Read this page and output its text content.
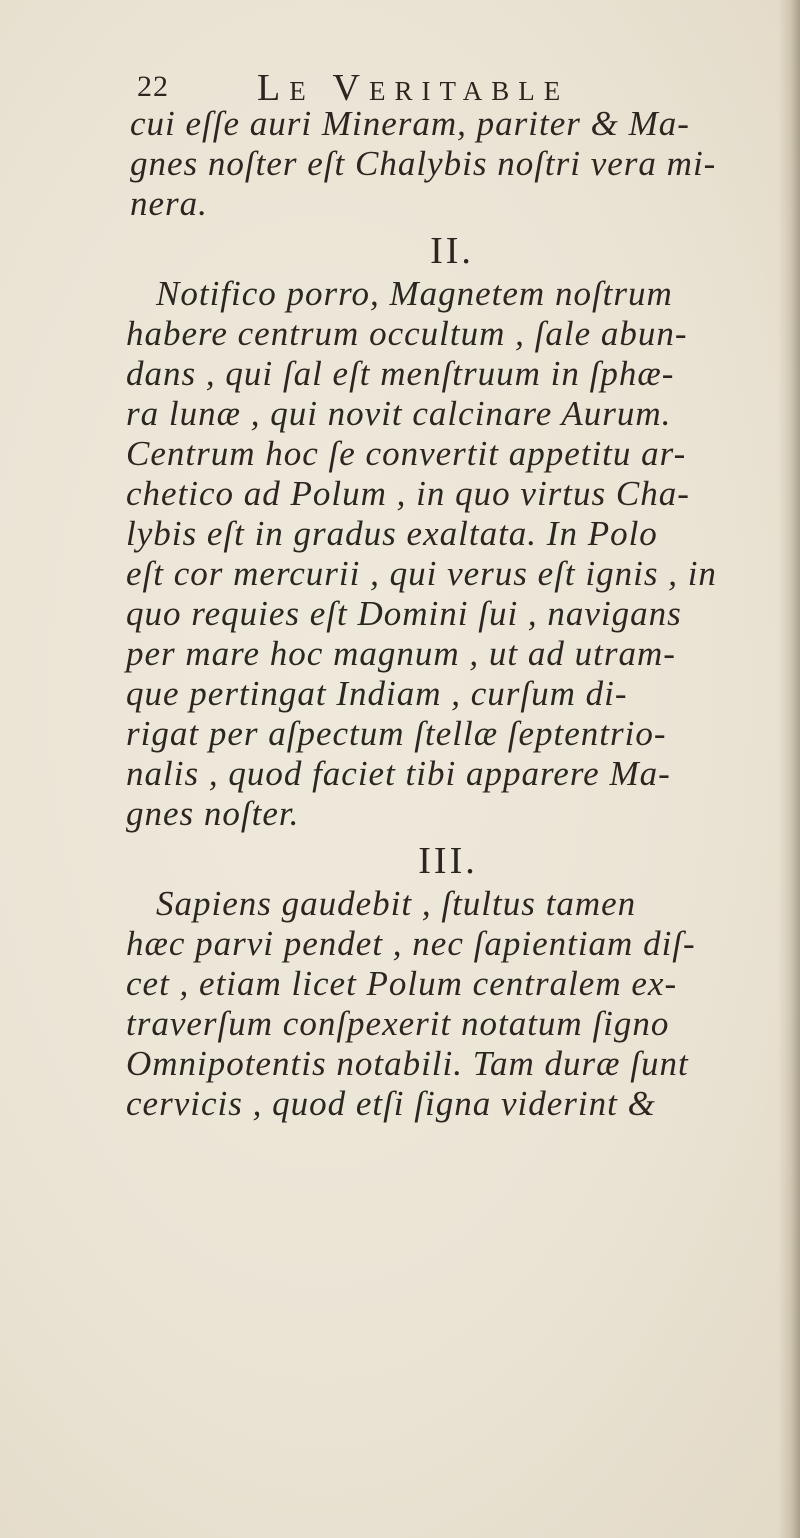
22 Le Veritable
cui eſſe auri Mineram, pariter & Ma-
gnes noſter eſt Chalybis noſtri vera mi-
nera.
II.
Notifico porro, Magnetem noſtrum
habere centrum occultum , ſale abun-
dans , qui ſal eſt menſtruum in ſphæ-
ra lunæ , qui novit calcinare Aurum.
Centrum hoc ſe convertit appetitu ar-
chetico ad Polum , in quo virtus Cha-
lybis eſt in gradus exaltata. In Polo
eſt cor mercurii , qui verus eſt ignis , in
quo requies eſt Domini ſui , navigans
per mare hoc magnum , ut ad utram-
que pertingat Indiam , curſum di-
rigat per aſpectum ſtellæ ſeptentrio-
nalis , quod faciet tibi apparere Ma-
gnes noſter.
III.
Sapiens gaudebit , ſtultus tamen
hæc parvi pendet , nec ſapientiam diſ-
cet , etiam licet Polum centralem ex-
traverſum conſpexerit notatum ſigno
Omnipotentis notabili. Tam duræ ſunt
cervicis , quod etſi ſigna viderint &
